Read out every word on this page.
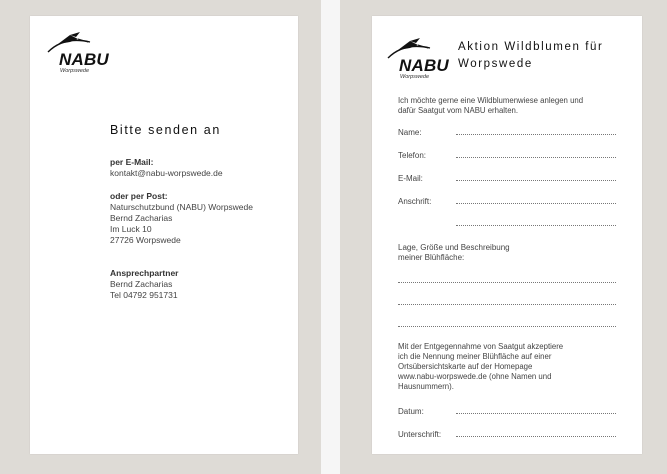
NABU
Worpswede
Bitte senden an
per E-Mail:
kontakt@nabu-worpswede.de
oder per Post:
Naturschutzbund (NABU) Worpswede
Bernd Zacharias
Im Luck 10
27726 Worpswede
Ansprechpartner
Bernd Zacharias
Tel 04792 951731
NABU
Worpswede
Aktion Wildblumen für
Worpswede
Ich möchte gerne eine Wildblumenwiese anlegen und
dafür Saatgut vom NABU erhalten.
Name:
Telefon:
E-Mail:
Anschrift:
Lage, Größe und Beschreibung
meiner Blühfläche:
Mit der Entgegennahme von Saatgut akzeptiere
ich die Nennung meiner Blühfläche auf einer
Ortsübersichtskarte auf der Homepage
www.nabu-worpswede.de (ohne Namen und
Hausnummern).
Datum:
Unterschrift:
